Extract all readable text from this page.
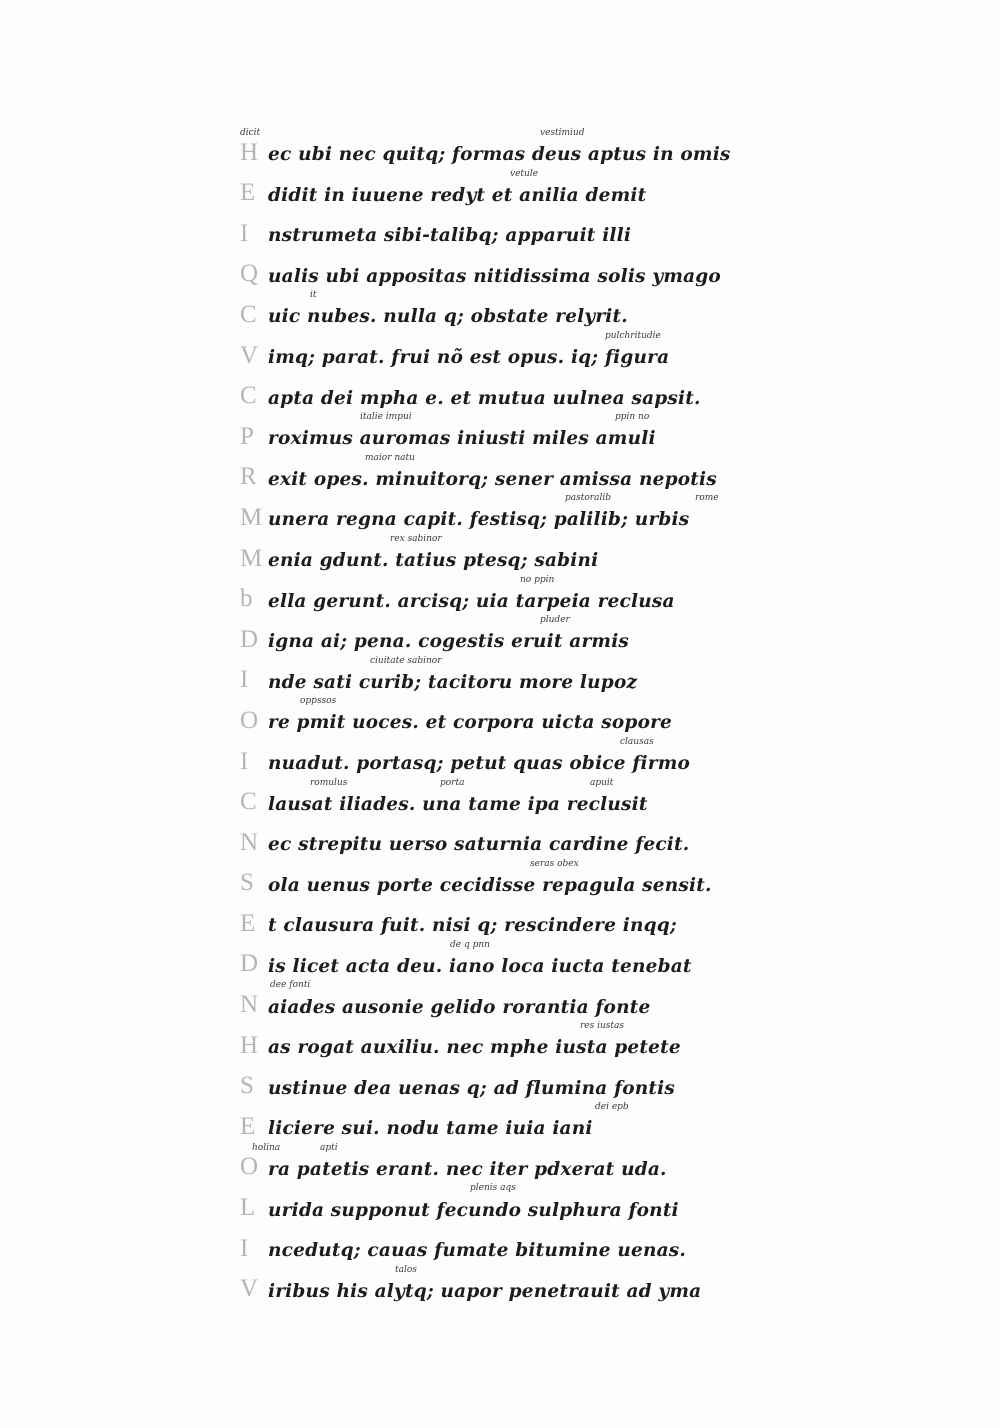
H ec ubi nec quitq; formas deus aptus in omis
vestimiud
dicit
E didit in iuuene redyt et anilia demit
vetule
I	nstrumeta sibi-talibq; apparuit illi
Q ualis ubi appositas nitidissima solis ymago
C uic nubes. nulla q; obstate relyrit.
it
V imq; parat. frui nõ est opus. iq; figura
pulchritudie
C apta dei mpha e. et mutua uulnea sapsit.
P roximus auromas iniusti miles amuli
italie impui	ppin no
R exit opes. minuitorq; sener amissa nepotis
maior natu
M unera regna capit. festisq; palilib; urbis
pastoralib	rome
M enia gdunt. tatius ptesq; sabini
rex sabinor
b ella gerunt. arcisq; uia tarpeia reclusa
no ppin
D igna ai; pena. cogestis eruit armis
pluder
I	nde sati curib; tacitoru more lupoz
ciuitate sabinor
O re pmit uoces. et corpora uicta sopore
oppssos
I	nuadut. portasq; petut quas obice firmo
clausas
C lausat iliades. una tame ipa reclusit
romulus	porta	apuit
N ec strepitu uerso saturnia cardine fecit.
S ola uenus porte cecidisse repagula sensit.
seras obex
E t clausura fuit. nisi q; rescindere inqq;
D is licet acta deu. iano loca iucta tenebat
de q pnn
N aiades ausonie gelido rorantia fonte
dee fonti
H as rogat auxiliu. nec mphe iusta petete
res iustas
S ustinue dea uenas q; ad flumina fontis
E liciere sui. nodu tame iuia iani
dei epb
O ra patetis erant. nec iter pdxerat uda.
holina	apti
L urida supponut fecundo sulphura fonti
plenis aqs
I	ncedutq; cauas fumate bitumine uenas.
V iribus his alytq; uapor penetrauit ad yma
talos
